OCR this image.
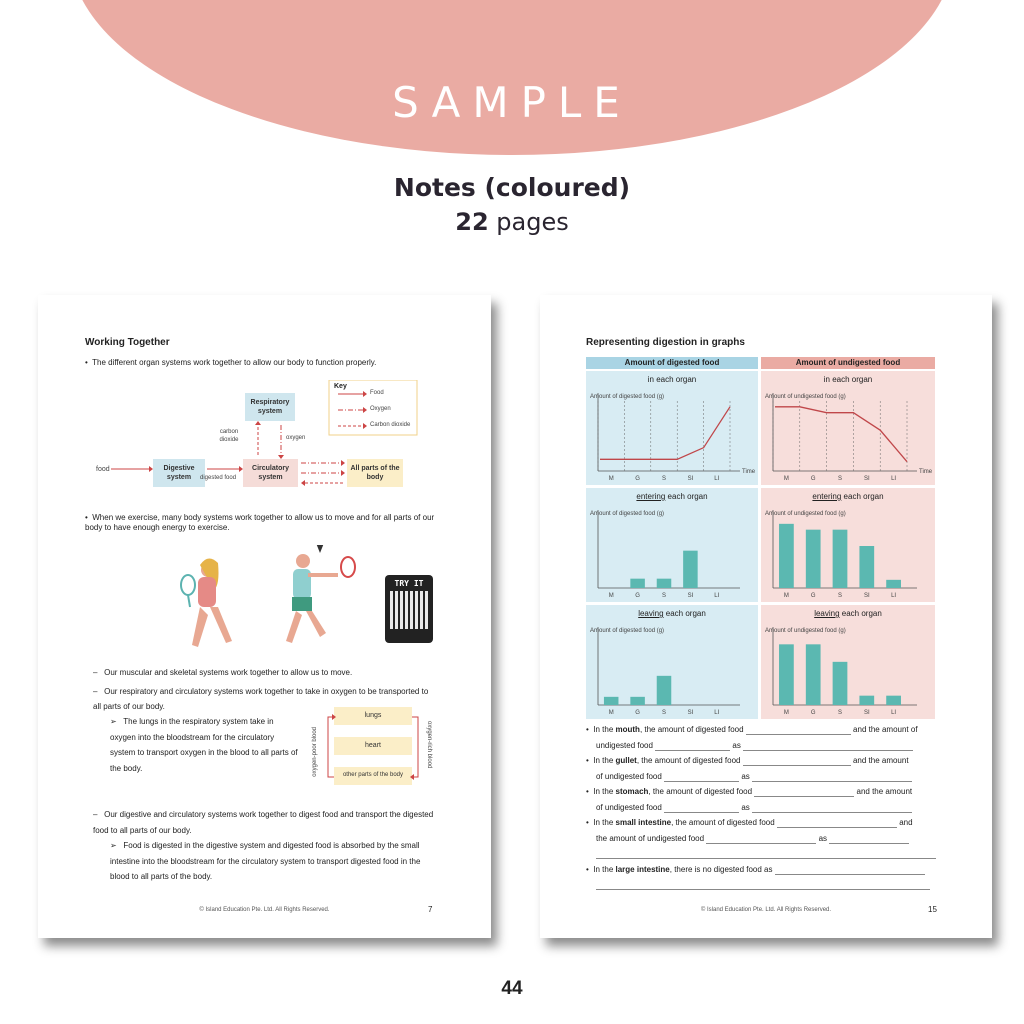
SAMPLE
Notes (coloured)
22 pages
Working Together
•  The different organ systems work together to allow our body to function properly.
Respiratory system
Digestive system
Circulatory system
All parts of the body
food
digested food
carbon dioxide	oxygen
Key
Food
Oxygen
Carbon dioxide
•  When we exercise, many body systems work together to allow us to move and for all parts of our body to have enough energy to exercise.
TRY IT
–   Our muscular and skeletal systems work together to allow us to move.
–   Our respiratory and circulatory systems work together to take in oxygen to be transported to all parts of our body.
➢   The lungs in the respiratory system take in oxygen into the bloodstream for the circulatory system to transport oxygen in the blood to all parts of the body.
lungs
heart
other parts of the body
oxygen-poor blood	oxygen-rich blood
–   Our digestive and circulatory systems work together to digest food and transport the digested food to all parts of our body.
➢   Food is digested in the digestive system and digested food is absorbed by the small intestine into the bloodstream for the circulatory system to transport digested food in the blood to all parts of the body.
© Island Education Pte. Ltd. All Rights Reserved.	7
Representing digestion in graphs
Amount of digested food	Amount of undigested food
•  In the mouth, the amount of digested food	and the amount of
undigested food	as
•  In the gullet, the amount of digested food	and the amount
of undigested food	as
•  In the stomach, the amount of digested food	and the amount
of undigested food	as
•  In the small intestine, the amount of digested food	and
the amount of undigested food	as
•  In the large intestine, there is no digested food as
© Island Education Pte. Ltd. All Rights Reserved.	15
in each organ
Amount of digested food (g)
M	G	S	SI	LI
Time
in each organ
Amount of undigested food (g)
M	G	S	SI	LI
Time
entering each organ
Amount of digested food (g)
M	G	S	SI	LI
entering each organ
Amount of undigested food (g)
M	G	S	SI	LI
leaving each organ
Amount of digested food (g)
M	G	S	SI	LI
leaving each organ
Amount of undigested food (g)
M	G	S	SI	LI
44
